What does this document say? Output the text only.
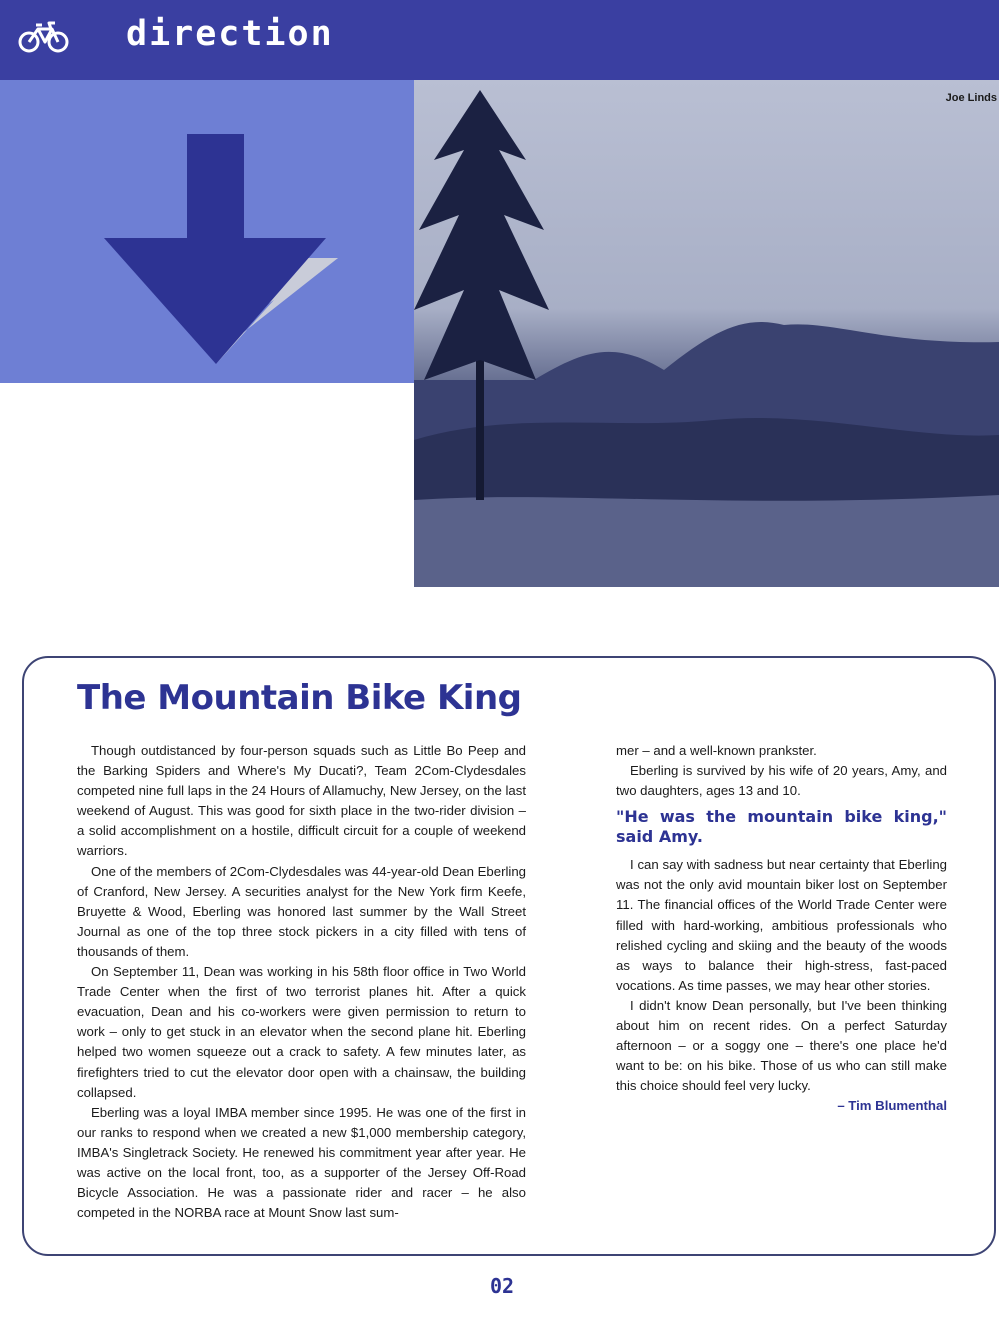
direction
Joe Linds
The Mountain Bike King

Though outdistanced by four-person squads such as Little Bo Peep and the Barking Spiders and Where's My Ducati?, Team 2Com-Clydesdales competed nine full laps in the 24 Hours of Allamuchy, New Jersey, on the last weekend of August. This was good for sixth place in the two-rider division – a solid accomplishment on a hostile, difficult circuit for a couple of weekend warriors.

One of the members of 2Com-Clydesdales was 44-year-old Dean Eberling of Cranford, New Jersey. A securities analyst for the New York firm Keefe, Bruyette & Wood, Eberling was honored last summer by the Wall Street Journal as one of the top three stock pickers in a city filled with tens of thousands of them.

On September 11, Dean was working in his 58th floor office in Two World Trade Center when the first of two terrorist planes hit. After a quick evacuation, Dean and his co-workers were given permission to return to work – only to get stuck in an elevator when the second plane hit. Eberling helped two women squeeze out a crack to safety. A few minutes later, as firefighters tried to cut the elevator door open with a chainsaw, the building collapsed.

Eberling was a loyal IMBA member since 1995. He was one of the first in our ranks to respond when we created a new $1,000 membership category, IMBA's Singletrack Society. He renewed his commitment year after year. He was active on the local front, too, as a supporter of the Jersey Off-Road Bicycle Association. He was a passionate rider and racer – he also competed in the NORBA race at Mount Snow last sum-

mer – and a well-known prankster.

Eberling is survived by his wife of 20 years, Amy, and two daughters, ages 13 and 10.

"He was the mountain bike king," said Amy.

I can say with sadness but near certainty that Eberling was not the only avid mountain biker lost on September 11. The financial offices of the World Trade Center were filled with hard-working, ambitious professionals who relished cycling and skiing and the beauty of the woods as ways to balance their high-stress, fast-paced vocations. As time passes, we may hear other stories.

I didn't know Dean personally, but I've been thinking about him on recent rides. On a perfect Saturday afternoon – or a soggy one – there's one place he'd want to be: on his bike. Those of us who can still make this choice should feel very lucky.

– Tim Blumenthal
02
